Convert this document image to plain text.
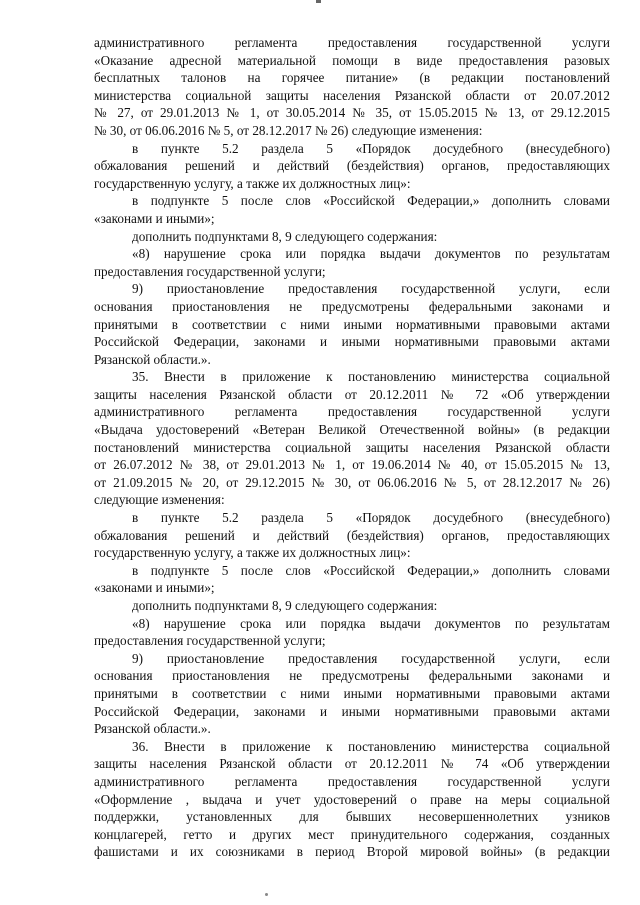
административного регламента предоставления государственной услуги
«Оказание адресной материальной помощи в виде предоставления разовых
бесплатных талонов на горячее питание» (в редакции постановлений
министерства социальной защиты населения Рязанской области от 20.07.2012
№ 27, от 29.01.2013 № 1, от 30.05.2014 № 35, от 15.05.2015 № 13, от 29.12.2015
№ 30, от 06.06.2016 № 5, от 28.12.2017 № 26) следующие изменения:
в пункте 5.2 раздела 5 «Порядок досудебного (внесудебного)
обжалования решений и действий (бездействия) органов, предоставляющих
государственную услугу, а также их должностных лиц»:
в подпункте 5 после слов «Российской Федерации,» дополнить словами
«законами и иными»;
дополнить подпунктами 8, 9 следующего содержания:
«8) нарушение срока или порядка выдачи документов по результатам
предоставления государственной услуги;
9) приостановление предоставления государственной услуги, если
основания приостановления не предусмотрены федеральными законами и
принятыми в соответствии с ними иными нормативными правовыми актами
Российской Федерации, законами и иными нормативными правовыми актами
Рязанской области.».
35. Внести в приложение к постановлению министерства социальной
защиты населения Рязанской области от 20.12.2011 № 72 «Об утверждении
административного регламента предоставления государственной услуги
«Выдача удостоверений «Ветеран Великой Отечественной войны» (в редакции
постановлений министерства социальной защиты населения Рязанской области
от 26.07.2012 № 38, от 29.01.2013 № 1, от 19.06.2014 № 40, от 15.05.2015 № 13,
от 21.09.2015 № 20, от 29.12.2015 № 30, от 06.06.2016 № 5, от 28.12.2017 № 26)
следующие изменения:
в пункте 5.2 раздела 5 «Порядок досудебного (внесудебного)
обжалования решений и действий (бездействия) органов, предоставляющих
государственную услугу, а также их должностных лиц»:
в подпункте 5 после слов «Российской Федерации,» дополнить словами
«законами и иными»;
дополнить подпунктами 8, 9 следующего содержания:
«8) нарушение срока или порядка выдачи документов по результатам
предоставления государственной услуги;
9) приостановление предоставления государственной услуги, если
основания приостановления не предусмотрены федеральными законами и
принятыми в соответствии с ними иными нормативными правовыми актами
Российской Федерации, законами и иными нормативными правовыми актами
Рязанской области.».
36. Внести в приложение к постановлению министерства социальной
защиты населения Рязанской области от 20.12.2011 № 74 «Об утверждении
административного регламента предоставления государственной услуги
«Оформление , выдача и учет удостоверений о праве на меры социальной
поддержки, установленных для бывших несовершеннолетних узников
концлагерей, гетто и других мест принудительного содержания, созданных
фашистами и их союзниками в период Второй мировой войны» (в редакции
